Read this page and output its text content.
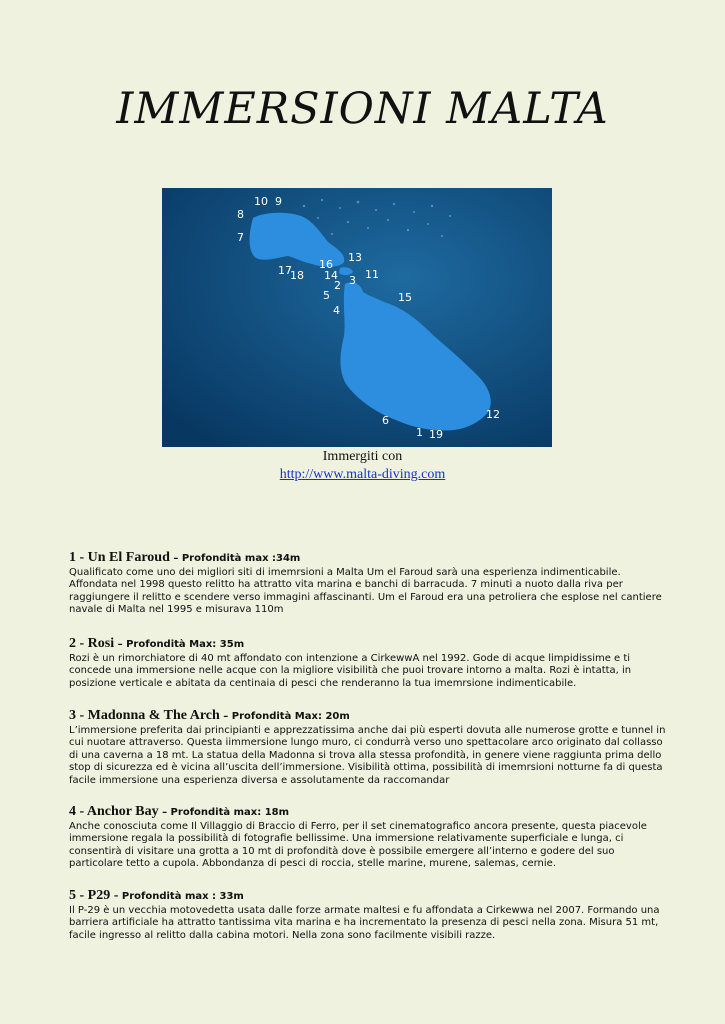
IMMERSIONI MALTA
10 9
8
7
13
16
14
17
18
2 3 11
5
4
15
6
1 19
12
Immergiti con
http://www.malta-diving.com
1 - Un El Faroud – Profondità max :34m

Qualificato come uno dei migliori siti di imemrsioni a Malta Um el Faroud sarà una esperienza indimenticabile. Affondata nel 1998 questo relitto ha attratto vita marina e banchi di barracuda. 7 minuti a nuoto dalla riva per raggiungere il relitto e scendere verso immagini affascinanti. Um el Faroud era una petroliera che esplose nel cantiere navale di Malta nel 1995 e misurava 110m

2 - Rosi – Profondità Max: 35m

Rozi è un rimorchiatore di 40 mt affondato con intenzione a CirkewwA nel 1992. Gode di acque limpidissime e ti concede una immersione nelle acque con la migliore visibilità che puoi trovare intorno a malta. Rozi è intatta, in posizione verticale e abitata da centinaia di pesci che renderanno la tua imemrsione indimenticabile.

3 - Madonna & The Arch – Profondità Max: 20m

L’immersione preferita dai principianti e apprezzatissima anche dai più esperti dovuta alle numerose grotte e tunnel in cui nuotare attraverso. Questa iimmersione lungo muro, ci condurrà verso uno spettacolare arco originato dal collasso di una caverna a 18 mt. La statua della Madonna si trova alla stessa profondità, in genere viene raggiunta prima dello stop di sicurezza ed è vicina all’uscita dell’immersione. Visibilità ottima, possibilità di imemrsioni notturne fa di questa facile immersione una esperienza diversa e assolutamente da raccomandar

4 - Anchor Bay – Profondità max: 18m

Anche conosciuta come Il Villaggio di Braccio di Ferro, per il set cinematografico ancora presente, questa piacevole immersione regala la possibilità di fotografie bellissime. Una immersione relativamente superficiale e lunga, ci consentirà di visitare una grotta a 10 mt di profondità dove è possibile emergere all’interno e godere del suo particolare tetto a cupola. Abbondanza di pesci di roccia, stelle marine, murene, salemas, cernie.

5 - P29 - Profondità max : 33m

Il P-29 è un vecchia motovedetta usata dalle forze armate maltesi e fu affondata a Cirkewwa nel 2007. Formando una barriera artificiale ha attratto tantissima vita marina e ha incrementato la presenza di pesci nella zona. Misura 51 mt, facile ingresso al relitto dalla cabina motori. Nella zona sono facilmente visibili razze.
